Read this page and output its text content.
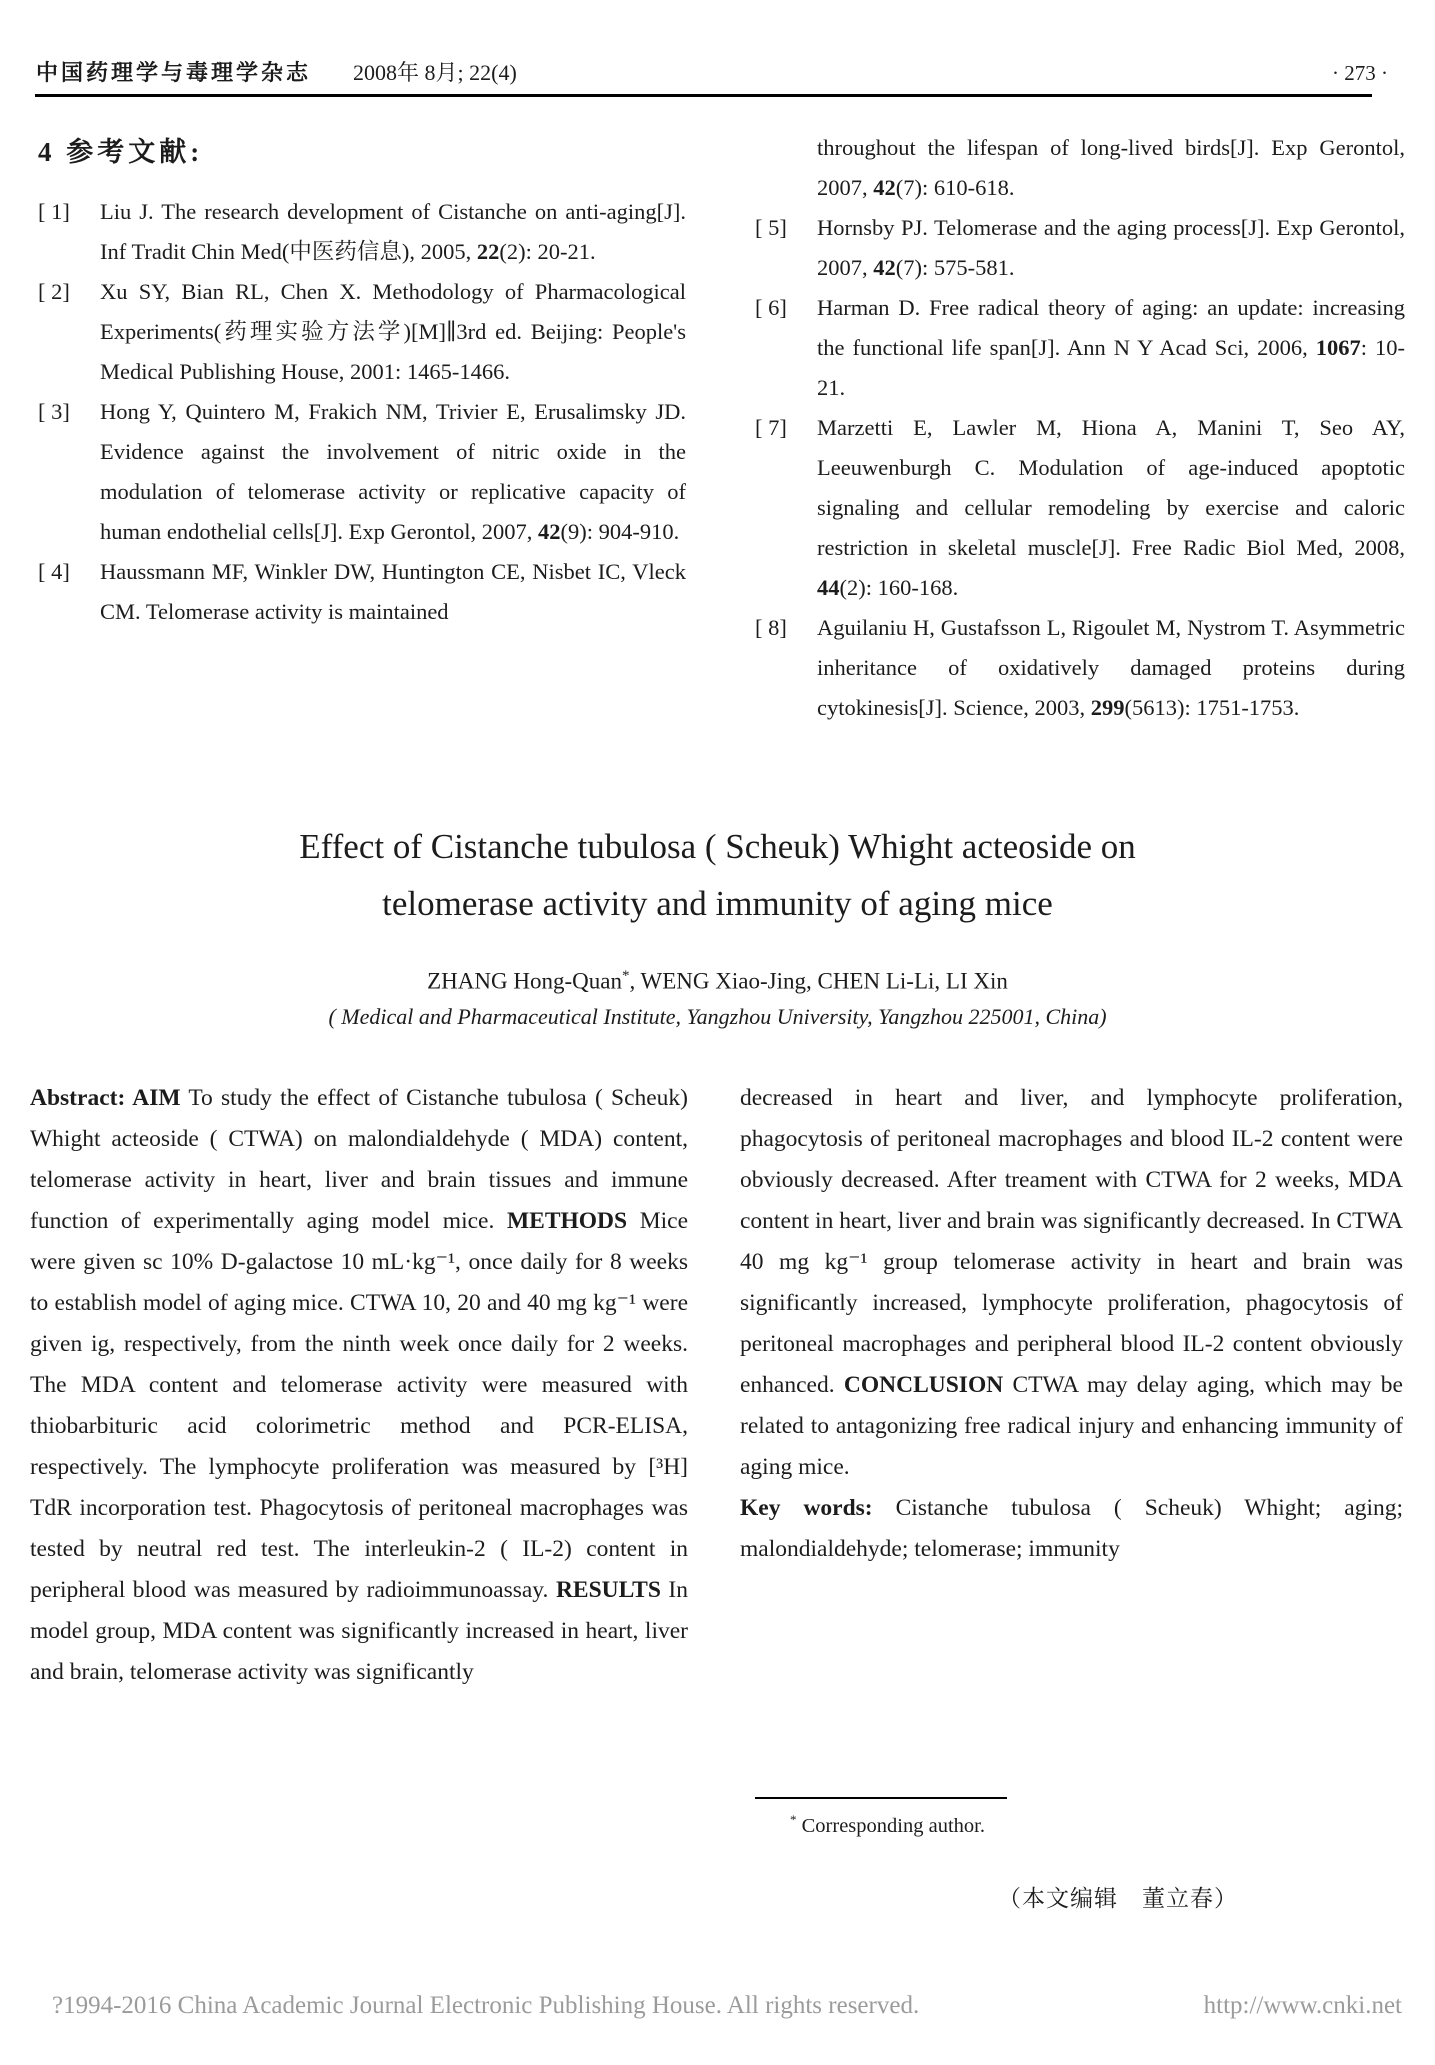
中国药理学与毒理学杂志 2008年 8月; 22(4)	· 273 ·
4 参考文献:
[ 1]	Liu J. The research development of Cistanche on anti-aging[J]. Inf Tradit Chin Med(中医药信息), 2005, 22(2): 20-21.
[ 2]	Xu SY, Bian RL, Chen X. Methodology of Pharmacological Experiments(药理实验方法学)[M]∥3rd ed. Beijing: People's Medical Publishing House, 2001: 1465-1466.
[ 3]	Hong Y, Quintero M, Frakich NM, Trivier E, Erusalimsky JD. Evidence against the involvement of nitric oxide in the modulation of telomerase activity or replicative capacity of human endothelial cells[J]. Exp Gerontol, 2007, 42(9): 904-910.
[ 4]	Haussmann MF, Winkler DW, Huntington CE, Nisbet IC, Vleck CM. Telomerase activity is maintained
throughout the lifespan of long-lived birds[J]. Exp Gerontol, 2007, 42(7): 610-618.
[ 5]	Hornsby PJ. Telomerase and the aging process[J]. Exp Gerontol, 2007, 42(7): 575-581.
[ 6]	Harman D. Free radical theory of aging: an update: increasing the functional life span[J]. Ann N Y Acad Sci, 2006, 1067: 10-21.
[ 7]	Marzetti E, Lawler M, Hiona A, Manini T, Seo AY, Leeuwenburgh C. Modulation of age-induced apoptotic signaling and cellular remodeling by exercise and caloric restriction in skeletal muscle[J]. Free Radic Biol Med, 2008, 44(2): 160-168.
[ 8]	Aguilaniu H, Gustafsson L, Rigoulet M, Nystrom T. Asymmetric inheritance of oxidatively damaged proteins during cytokinesis[J]. Science, 2003, 299(5613): 1751-1753.
Effect of Cistanche tubulosa ( Scheuk) Whight acteoside on
telomerase activity and immunity of aging mice
ZHANG Hong-Quan*, WENG Xiao-Jing, CHEN Li-Li, LI Xin
( Medical and Pharmaceutical Institute, Yangzhou University, Yangzhou 225001, China)

Abstract: AIM To study the effect of Cistanche tubulosa ( Scheuk) Whight acteoside ( CTWA) on malondialdehyde ( MDA) content, telomerase activity in heart, liver and brain tissues and immune function of experimentally aging model mice. METHODS Mice were given sc 10% D-galactose 10 mL·kg⁻¹, once daily for 8 weeks to establish model of aging mice. CTWA 10, 20 and 40 mg kg⁻¹ were given ig, respectively, from the ninth week once daily for 2 weeks. The MDA content and telomerase activity were measured with thiobarbituric acid colorimetric method and PCR-ELISA, respectively. The lymphocyte proliferation was measured by [³H] TdR incorporation test. Phagocytosis of peritoneal macrophages was tested by neutral red test. The interleukin-2 ( IL-2) content in peripheral blood was measured by radioimmunoassay. RESULTS In model group, MDA content was significantly increased in heart, liver and brain, telomerase activity was significantly

decreased in heart and liver, and lymphocyte proliferation, phagocytosis of peritoneal macrophages and blood IL-2 content were obviously decreased. After treament with CTWA for 2 weeks, MDA content in heart, liver and brain was significantly decreased. In CTWA 40 mg kg⁻¹ group telomerase activity in heart and brain was significantly increased, lymphocyte proliferation, phagocytosis of peritoneal macrophages and peripheral blood IL-2 content obviously enhanced. CONCLUSION CTWA may delay aging, which may be related to antagonizing free radical injury and enhancing immunity of aging mice.

Key words: Cistanche tubulosa ( Scheuk) Whight; aging; malondialdehyde; telomerase; immunity

* Corresponding author.
（本文编辑　董立春）
?1994-2016 China Academic Journal Electronic Publishing House. All rights reserved.	http://www.cnki.net
